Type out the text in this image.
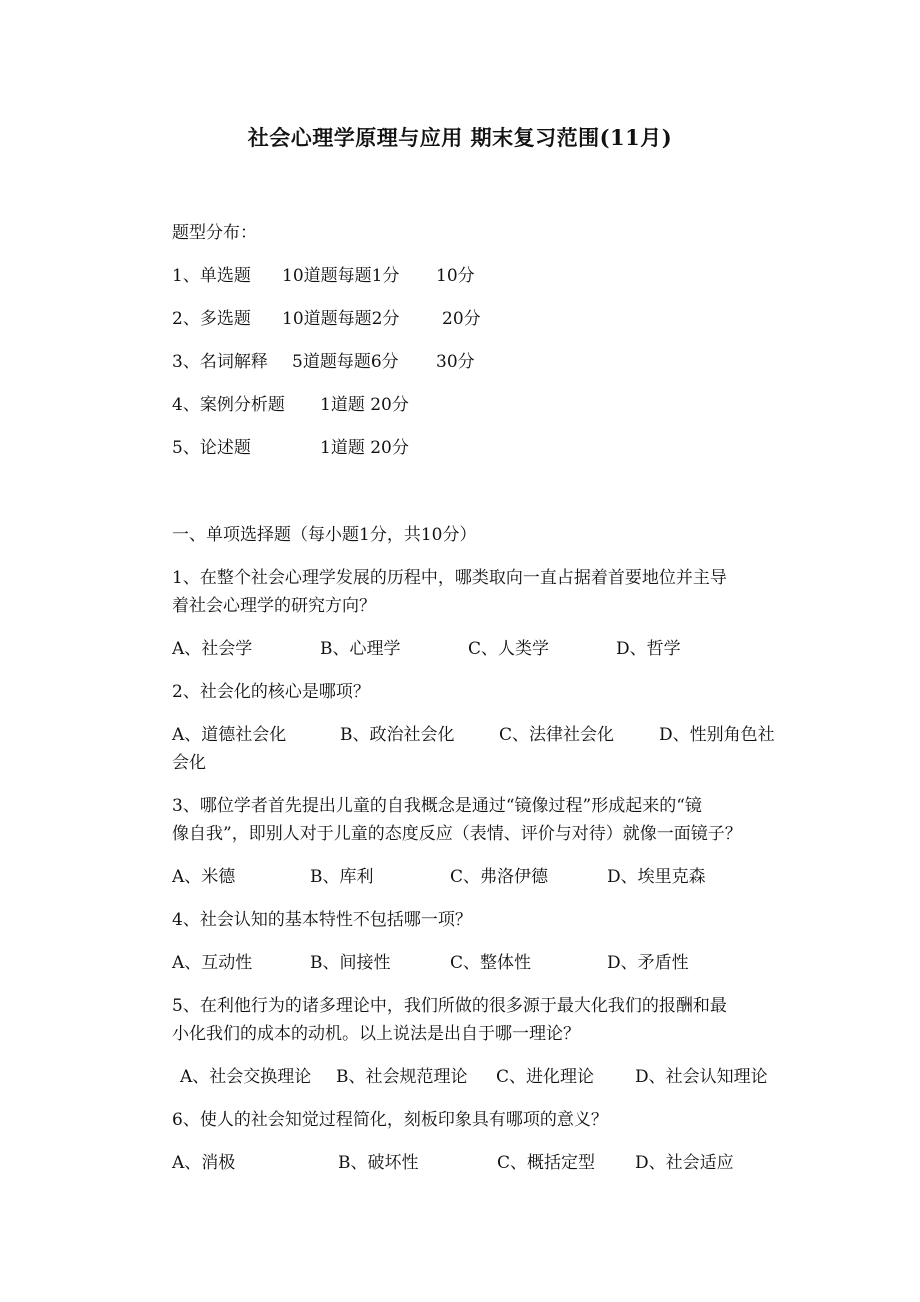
社会心理学原理与应用 期末复习范围(11月)
题型分布：
1、单选题 10道题每题1分 10分
2、多选题 10道题每题2分	20分
3、名词解释 5道题每题6分 30分
4、案例分析题 1道题 20分
5、论述题	1道题 20分
一、单项选择题（每小题1分，共10分）
1、在整个社会心理学发展的历程中，哪类取向一直占据着首要地位并主导
着社会心理学的研究方向？
A、社会学	B、心理学	C、人类学	D、哲学
2、社会化的核心是哪项？
A、道德社会化	B、政治社会化	C、法律社会化	D、性别角色社
会化
3、哪位学者首先提出儿童的自我概念是通过“镜像过程”形成起来的“镜
像自我”，即别人对于儿童的态度反应（表情、评价与对待）就像一面镜子？
A、米德	B、库利	C、弗洛伊德	D、埃里克森
4、社会认知的基本特性不包括哪一项？
A、互动性	B、间接性	C、整体性	D、矛盾性
5、在利他行为的诸多理论中，我们所做的很多源于最大化我们的报酬和最
小化我们的成本的动机。以上说法是出自于哪一理论？
A、社会交换理论 B、社会规范理论 C、进化理论 D、社会认知理论
6、使人的社会知觉过程简化，刻板印象具有哪项的意义？
A、消极	B、破坏性	C、概括定型 D、社会适应
